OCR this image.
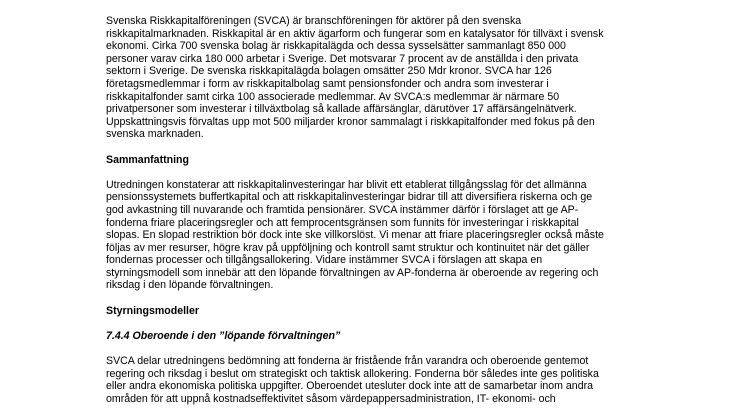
Svenska Riskkapitalföreningen (SVCA) är branschföreningen för aktörer på den svenska
riskkapitalmarknaden. Riskkapital är en aktiv ägarform och fungerar som en katalysator för tillväxt i svensk
ekonomi. Cirka 700 svenska bolag är riskkapitalägda och dessa sysselsätter sammanlagt 850 000
personer varav cirka 180 000 arbetar i Sverige. Det motsvarar 7 procent av de anställda i den privata
sektorn i Sverige. De svenska riskkapitalägda bolagen omsätter 250 Mdr kronor. SVCA har 126
företagsmedlemmar i form av riskkapitalbolag samt pensionsfonder och andra som investerar i
riskkapitalfonder samt cirka 100 associerade medlemmar. Av SVCA:s medlemmar är närmare 50
privatpersoner som investerar i tillväxtbolag så kallade affärsänglar, därutöver 17 affärsängelnätverk.
Uppskattningsvis förvaltas upp mot 500 miljarder kronor sammalagt i riskkapitalfonder med fokus på den
svenska marknaden.

Sammanfattning

Utredningen konstaterar att riskkapitalinvesteringar har blivit ett etablerat tillgångsslag för det allmänna
pensionssystemets buffertkapital och att riskkapitalinvesteringar bidrar till att diversifiera riskerna och ge
god avkastning till nuvarande och framtida pensionärer. SVCA instämmer därför i förslaget att ge AP-
fonderna friare placeringsregler och att femprocentsgränsen som funnits för investeringar i riskkapital
slopas. En slopad restriktion bör dock inte ske villkorslöst. Vi menar att friare placeringsregler också måste
följas av mer resurser, högre krav på uppföljning och kontroll samt struktur och kontinuitet när det gäller
fondernas processer och tillgångsallokering. Vidare instämmer SVCA i förslagen att skapa en
styrningsmodell som innebär att den löpande förvaltningen av AP-fonderna är oberoende av regering och
riksdag i den löpande förvaltningen.

Styrningsmodeller

7.4.4 Oberoende i den ”löpande förvaltningen”

SVCA delar utredningens bedömning att fonderna är fristående från varandra och oberoende gentemot
regering och riksdag i beslut om strategiskt och taktisk allokering. Fonderna bör således inte ges politiska
eller andra ekonomiska politiska uppgifter. Oberoendet utesluter dock inte att de samarbetar inom andra
områden för att uppnå kostnadseffektivitet såsom värdepappersadministration, IT- ekonomi- och
